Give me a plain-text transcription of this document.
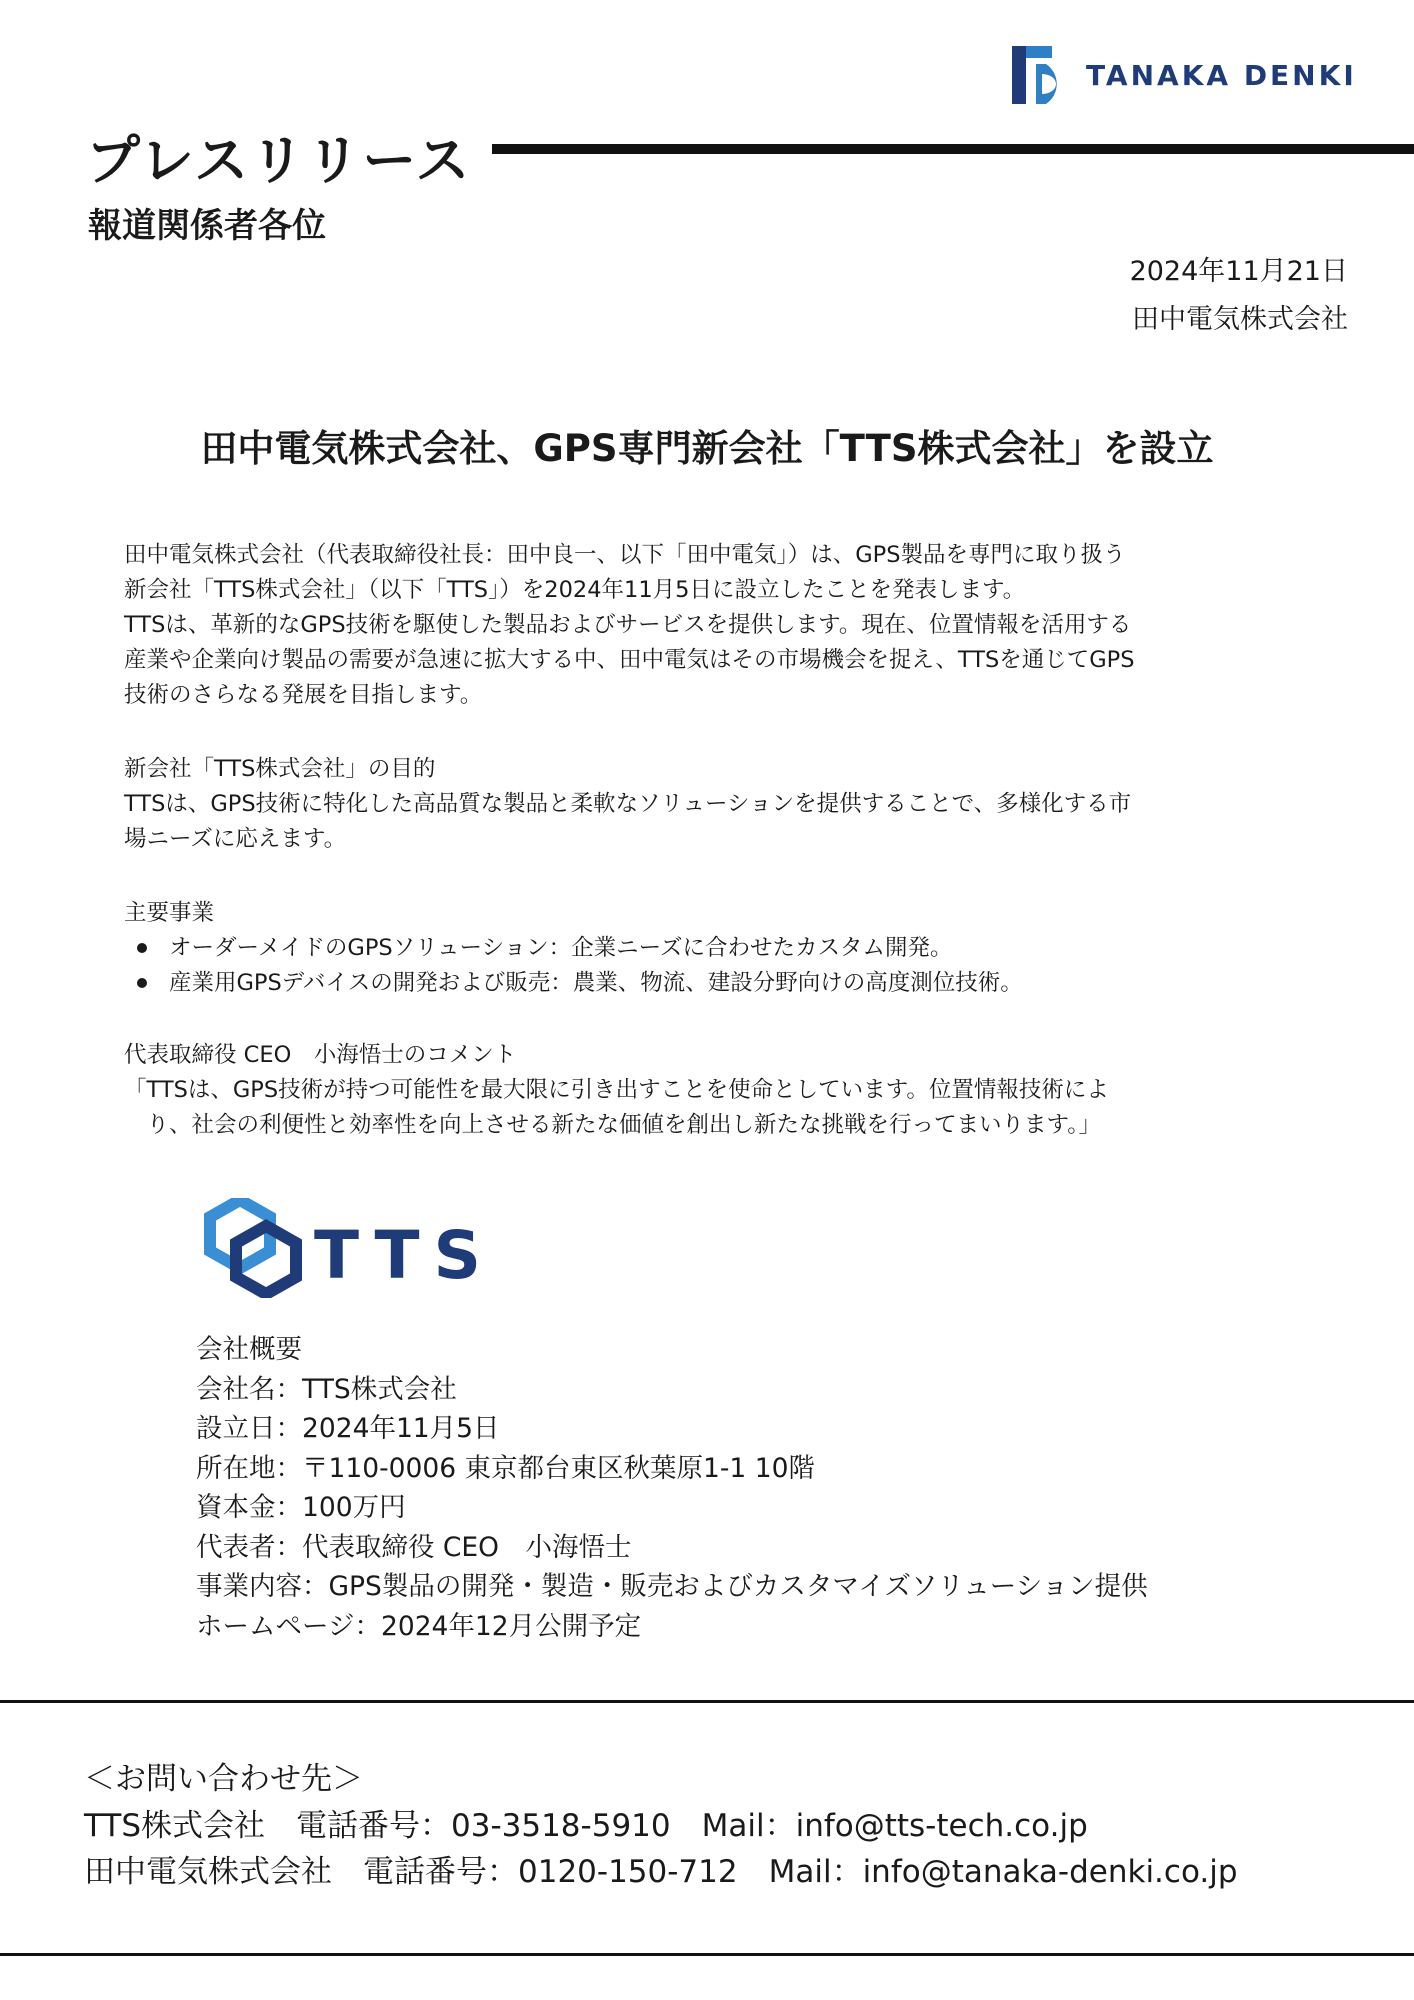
TANAKA DENKI
プレスリリース
報道関係者各位
2024年11月21日
田中電気株式会社
田中電気株式会社、GPS専門新会社「TTS株式会社」を設立

田中電気株式会社（代表取締役社長：田中良一、以下「田中電気」）は、GPS製品を専門に取り扱う

新会社「TTS株式会社」（以下「TTS」）を2024年11月5日に設立したことを発表します。

TTSは、革新的なGPS技術を駆使した製品およびサービスを提供します。現在、位置情報を活用する

産業や企業向け製品の需要が急速に拡大する中、田中電気はその市場機会を捉え、TTSを通じてGPS

技術のさらなる発展を目指します。

新会社「TTS株式会社」の目的

TTSは、GPS技術に特化した高品質な製品と柔軟なソリューションを提供することで、多様化する市

場ニーズに応えます。

主要事業

オーダーメイドのGPSソリューション：企業ニーズに合わせたカスタム開発。
産業用GPSデバイスの開発および販売：農業、物流、建設分野向けの高度測位技術。

代表取締役 CEO　小海悟士のコメント

「TTSは、GPS技術が持つ可能性を最大限に引き出すことを使命としています。位置情報技術によ

　り、社会の利便性と効率性を向上させる新たな価値を創出し新たな挑戦を行ってまいります。」

TTS
会社概要
会社名：TTS株式会社
設立日：2024年11月5日
所在地：〒110-0006 東京都台東区秋葉原1-1 10階
資本金：100万円
代表者：代表取締役 CEO　小海悟士
事業内容：GPS製品の開発・製造・販売およびカスタマイズソリューション提供
ホームページ：2024年12月公開予定
＜お問い合わせ先＞
TTS株式会社　電話番号：03-3518-5910　Mail：info@tts-tech.co.jp
田中電気株式会社　電話番号：0120-150-712　Mail：info@tanaka-denki.co.jp
